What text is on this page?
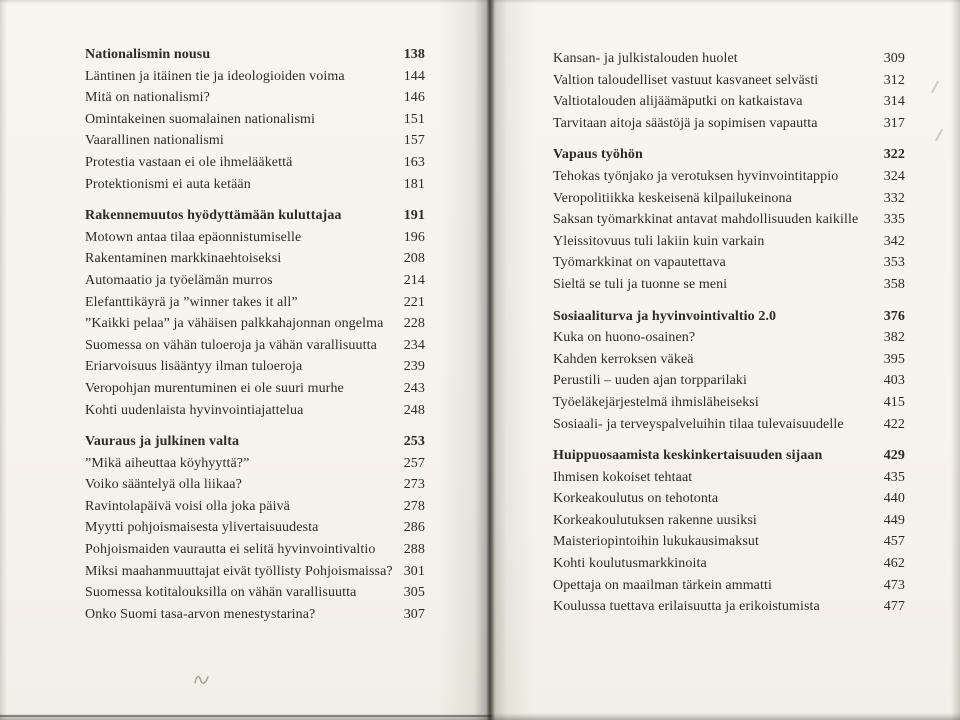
Nationalismin nousu	138
Läntinen ja itäinen tie ja ideologioiden voima	144
Mitä on nationalismi?	146
Omintakeinen suomalainen nationalismi	151
Vaarallinen nationalismi	157
Protestia vastaan ei ole ihmelääkettä	163
Protektionismi ei auta ketään	181
Rakennemuutos hyödyttämään kuluttajaa	191
Motown antaa tilaa epäonnistumiselle	196
Rakentaminen markkinaehtoiseksi	208
Automaatio ja työelämän murros	214
Elefanttikäyrä ja ”winner takes it all”	221
”Kaikki pelaa” ja vähäisen palkkahajonnan ongelma	228
Suomessa on vähän tuloeroja ja vähän varallisuutta	234
Eriarvoisuus lisääntyy ilman tuloeroja	239
Veropohjan murentuminen ei ole suuri murhe	243
Kohti uudenlaista hyvinvointiajattelua	248
Vauraus ja julkinen valta	253
”Mikä aiheuttaa köyhyyttä?”	257
Voiko sääntelyä olla liikaa?	273
Ravintolapäivä voisi olla joka päivä	278
Myytti pohjoismaisesta ylivertaisuudesta	286
Pohjoismaiden vaurautta ei selitä hyvinvointivaltio	288
Miksi maahanmuuttajat eivät työllisty Pohjoismaissa? 301
Suomessa kotitalouksilla on vähän varallisuutta	305
Onko Suomi tasa-arvon menestystarina?	307
Kansan- ja julkistalouden huolet	309
Valtion taloudelliset vastuut kasvaneet selvästi	312
Valtiotalouden alijäämäputki on katkaistava	314
Tarvitaan aitoja säästöjä ja sopimisen vapautta	317
Vapaus työhön	322
Tehokas työnjako ja verotuksen hyvinvointitappio	324
Veropolitiikka keskeisenä kilpailukeinona	332
Saksan työmarkkinat antavat mahdollisuuden kaikille	335
Yleissitovuus tuli lakiin kuin varkain	342
Työmarkkinat on vapautettava	353
Sieltä se tuli ja tuonne se meni	358
Sosiaaliturva ja hyvinvointivaltio 2.0	376
Kuka on huono-osainen?	382
Kahden kerroksen väkeä	395
Perustili – uuden ajan torpparilaki	403
Työeläkejärjestelmä ihmisläheiseksi	415
Sosiaali- ja terveyspalveluihin tilaa tulevaisuudelle	422
Huippuosaamista keskinkertaisuuden sijaan	429
Ihmisen kokoiset tehtaat	435
Korkeakoulutus on tehotonta	440
Korkeakoulutuksen rakenne uusiksi	449
Maisteriopintoihin lukukausimaksut	457
Kohti koulutusmarkkinoita	462
Opettaja on maailman tärkein ammatti	473
Koulussa tuettava erilaisuutta ja erikoistumista	477
